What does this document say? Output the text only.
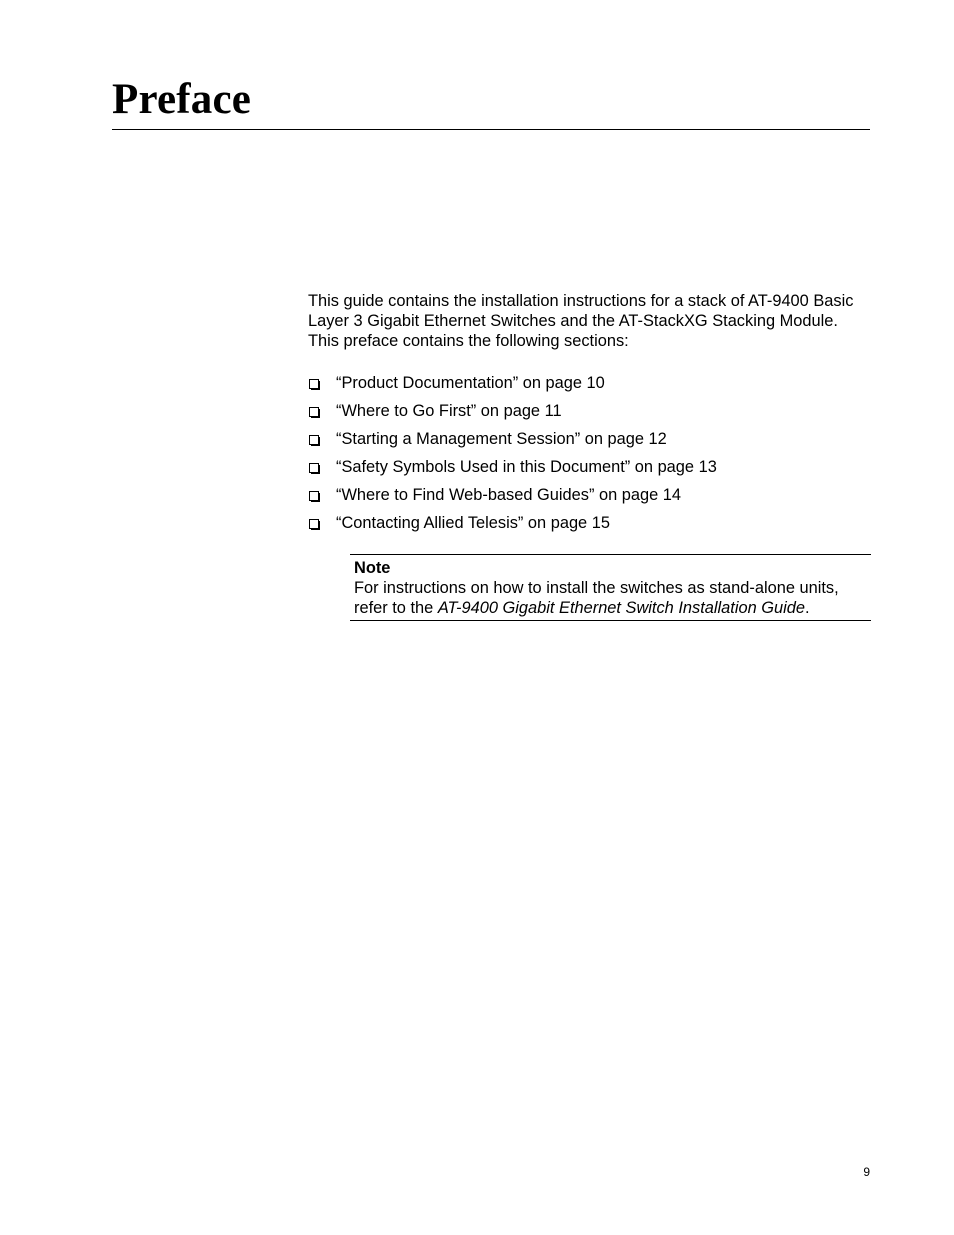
Preface

This guide contains the installation instructions for a stack of AT-9400 Basic Layer 3 Gigabit Ethernet Switches and the AT-StackXG Stacking Module. This preface contains the following sections:

“Product Documentation” on page 10
“Where to Go First” on page 11
“Starting a Management Session” on page 12
“Safety Symbols Used in this Document” on page 13
“Where to Find Web-based Guides” on page 14
“Contacting Allied Telesis” on page 15
Note

For instructions on how to install the switches as stand-alone units, refer to the AT-9400 Gigabit Ethernet Switch Installation Guide.

9
